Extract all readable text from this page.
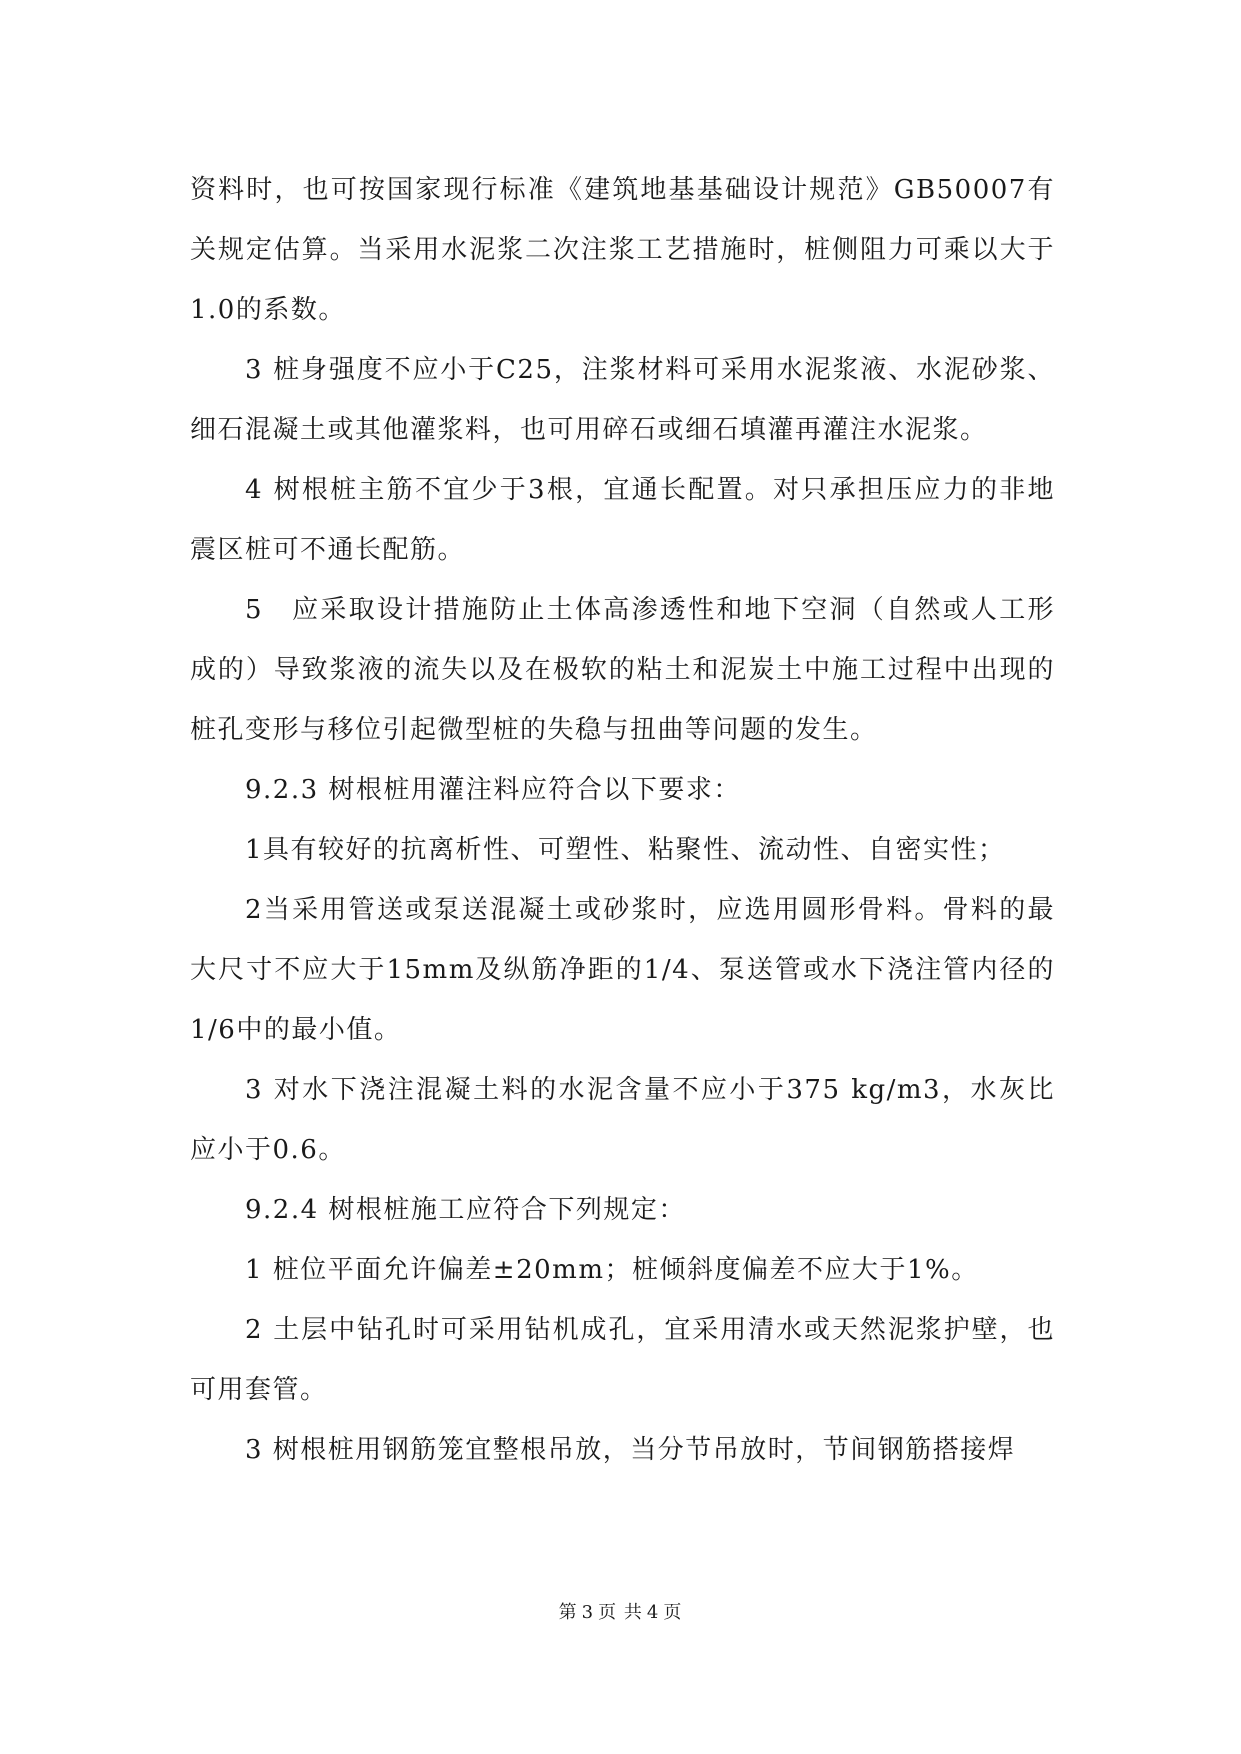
资料时，也可按国家现行标准《建筑地基基础设计规范》GB50007有关规定估算。当采用水泥浆二次注浆工艺措施时，桩侧阻力可乘以大于1.0的系数。

3 桩身强度不应小于C25，注浆材料可采用水泥浆液、水泥砂浆、细石混凝土或其他灌浆料，也可用碎石或细石填灌再灌注水泥浆。

4 树根桩主筋不宜少于3根，宜通长配置。对只承担压应力的非地震区桩可不通长配筋。

5　应采取设计措施防止土体高渗透性和地下空洞（自然或人工形成的）导致浆液的流失以及在极软的粘土和泥炭土中施工过程中出现的桩孔变形与移位引起微型桩的失稳与扭曲等问题的发生。

9.2.3 树根桩用灌注料应符合以下要求：

1具有较好的抗离析性、可塑性、粘聚性、流动性、自密实性；

2当采用管送或泵送混凝土或砂浆时，应选用圆形骨料。骨料的最大尺寸不应大于15mm及纵筋净距的1/4、泵送管或水下浇注管内径的1/6中的最小值。

3 对水下浇注混凝土料的水泥含量不应小于375 kg/m3，水灰比应小于0.6。

9.2.4 树根桩施工应符合下列规定：

1 桩位平面允许偏差±20mm；桩倾斜度偏差不应大于1%。

2 土层中钻孔时可采用钻机成孔，宜采用清水或天然泥浆护壁，也可用套管。

3 树根桩用钢筋笼宜整根吊放，当分节吊放时，节间钢筋搭接焊

第 3 页 共 4 页
